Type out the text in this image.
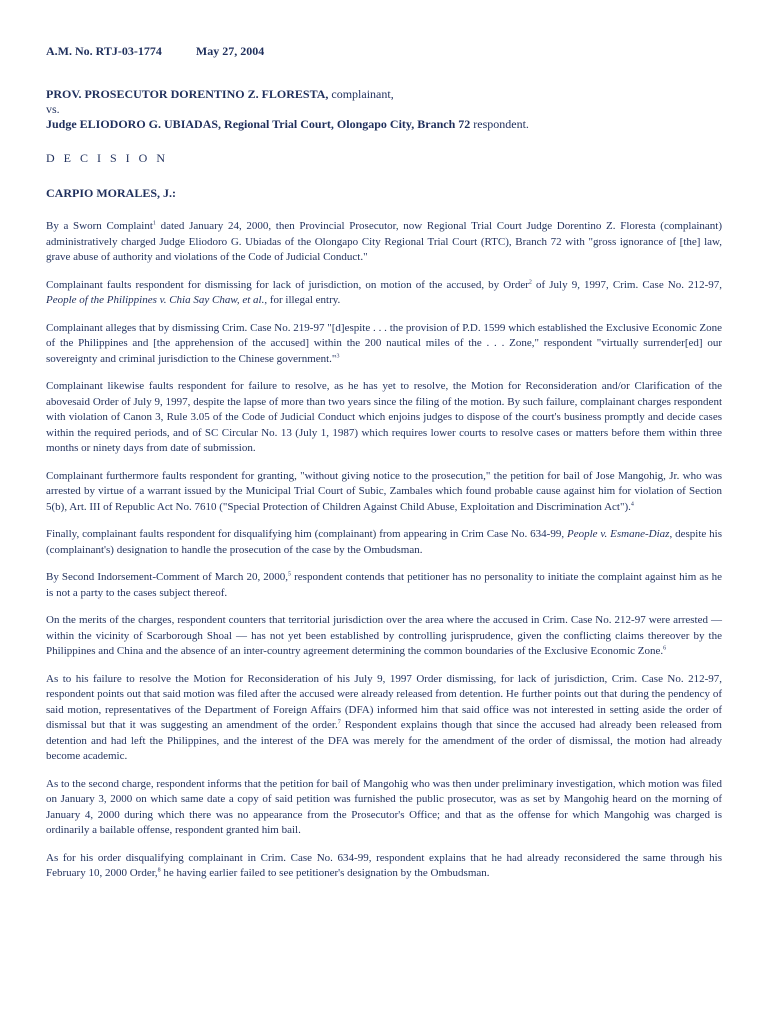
A.M. No. RTJ-03-1774	May 27, 2004
PROV. PROSECUTOR DORENTINO Z. FLORESTA, complainant,
vs.
Judge ELIODORO G. UBIADAS, Regional Trial Court, Olongapo City, Branch 72 respondent.
D E C I S I O N
CARPIO MORALES, J.:

By a Sworn Complaint$^1$ dated January 24, 2000, then Provincial Prosecutor, now Regional Trial Court Judge Dorentino Z. Floresta (complainant) administratively charged Judge Eliodoro G. Ubiadas of the Olongapo City Regional Trial Court (RTC), Branch 72 with "gross ignorance of [the] law, grave abuse of authority and violations of the Code of Judicial Conduct."

Complainant faults respondent for dismissing for lack of jurisdiction, on motion of the accused, by Order$^2$ of July 9, 1997, Crim. Case No. 212-97, People of the Philippines v. Chia Say Chaw, et al., for illegal entry.

Complainant alleges that by dismissing Crim. Case No. 219-97 "[d]espite . . . the provision of P.D. 1599 which established the Exclusive Economic Zone of the Philippines and [the apprehension of the accused] within the 200 nautical miles of the . . . Zone," respondent "virtually surrender[ed] our sovereignty and criminal jurisdiction to the Chinese government."$^3$

Complainant likewise faults respondent for failure to resolve, as he has yet to resolve, the Motion for Reconsideration and/or Clarification of the abovesaid Order of July 9, 1997, despite the lapse of more than two years since the filing of the motion. By such failure, complainant charges respondent with violation of Canon 3, Rule 3.05 of the Code of Judicial Conduct which enjoins judges to dispose of the court's business promptly and decide cases within the required periods, and of SC Circular No. 13 (July 1, 1987) which requires lower courts to resolve cases or matters before them within three months or ninety days from date of submission.

Complainant furthermore faults respondent for granting, "without giving notice to the prosecution," the petition for bail of Jose Mangohig, Jr. who was arrested by virtue of a warrant issued by the Municipal Trial Court of Subic, Zambales which found probable cause against him for violation of Section 5(b), Art. III of Republic Act No. 7610 ("Special Protection of Children Against Child Abuse, Exploitation and Discrimination Act").$^4$

Finally, complainant faults respondent for disqualifying him (complainant) from appearing in Crim Case No. 634-99, People v. Esmane-Diaz, despite his (complainant's) designation to handle the prosecution of the case by the Ombudsman.

By Second Indorsement-Comment of March 20, 2000,$^5$ respondent contends that petitioner has no personality to initiate the complaint against him as he is not a party to the cases subject thereof.

On the merits of the charges, respondent counters that territorial jurisdiction over the area where the accused in Crim. Case No. 212-97 were arrested — within the vicinity of Scarborough Shoal — has not yet been established by controlling jurisprudence, given the conflicting claims thereover by the Philippines and China and the absence of an inter-country agreement determining the common boundaries of the Exclusive Economic Zone.$^6$

As to his failure to resolve the Motion for Reconsideration of his July 9, 1997 Order dismissing, for lack of jurisdiction, Crim. Case No. 212-97, respondent points out that said motion was filed after the accused were already released from detention. He further points out that during the pendency of said motion, representatives of the Department of Foreign Affairs (DFA) informed him that said office was not interested in setting aside the order of dismissal but that it was suggesting an amendment of the order.$^7$ Respondent explains though that since the accused had already been released from detention and had left the Philippines, and the interest of the DFA was merely for the amendment of the order of dismissal, the motion had already become academic.

As to the second charge, respondent informs that the petition for bail of Mangohig who was then under preliminary investigation, which motion was filed on January 3, 2000 on which same date a copy of said petition was furnished the public prosecutor, was as set by Mangohig heard on the morning of January 4, 2000 during which there was no appearance from the Prosecutor's Office; and that as the offense for which Mangohig was charged is ordinarily a bailable offense, respondent granted him bail.

As for his order disqualifying complainant in Crim. Case No. 634-99, respondent explains that he had already reconsidered the same through his February 10, 2000 Order,$^8$ he having earlier failed to see petitioner's designation by the Ombudsman.
